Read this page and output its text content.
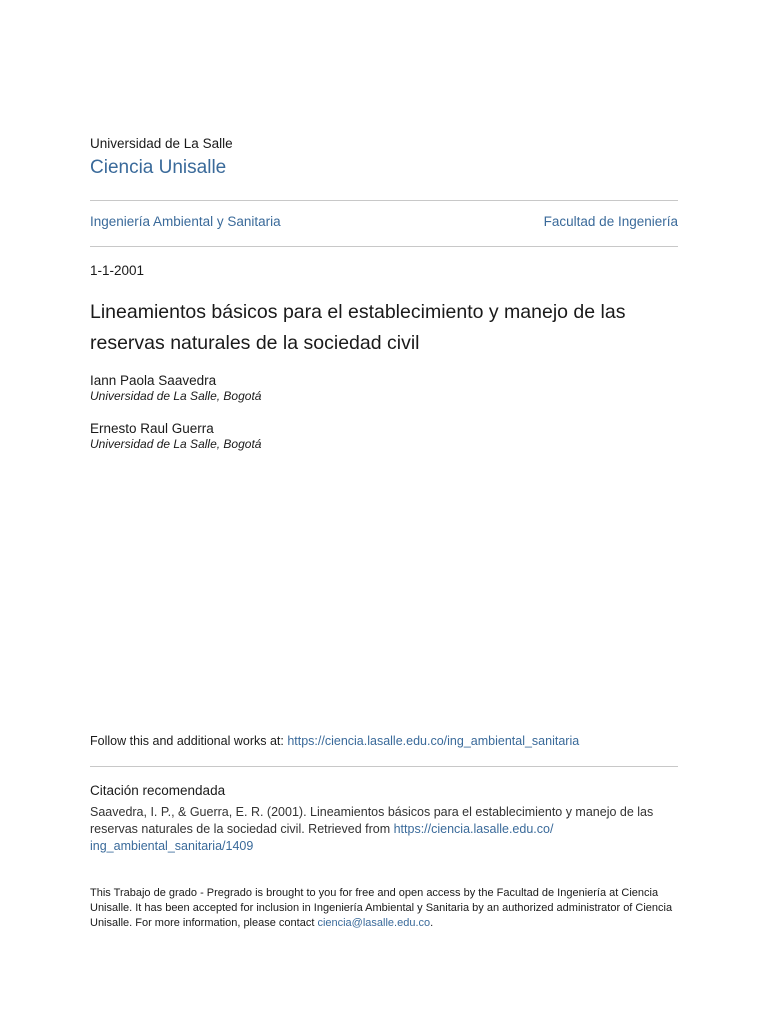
Universidad de La Salle
Ciencia Unisalle
Ingeniería Ambiental y Sanitaria	Facultad de Ingeniería
1-1-2001
Lineamientos básicos para el establecimiento y manejo de las reservas naturales de la sociedad civil
Iann Paola Saavedra
Universidad de La Salle, Bogotá
Ernesto Raul Guerra
Universidad de La Salle, Bogotá
Follow this and additional works at: https://ciencia.lasalle.edu.co/ing_ambiental_sanitaria
Citación recomendada
Saavedra, I. P., & Guerra, E. R. (2001). Lineamientos básicos para el establecimiento y manejo de las reservas naturales de la sociedad civil. Retrieved from https://ciencia.lasalle.edu.co/
ing_ambiental_sanitaria/1409
This Trabajo de grado - Pregrado is brought to you for free and open access by the Facultad de Ingeniería at Ciencia Unisalle. It has been accepted for inclusion in Ingeniería Ambiental y Sanitaria by an authorized administrator of Ciencia Unisalle. For more information, please contact ciencia@lasalle.edu.co.
